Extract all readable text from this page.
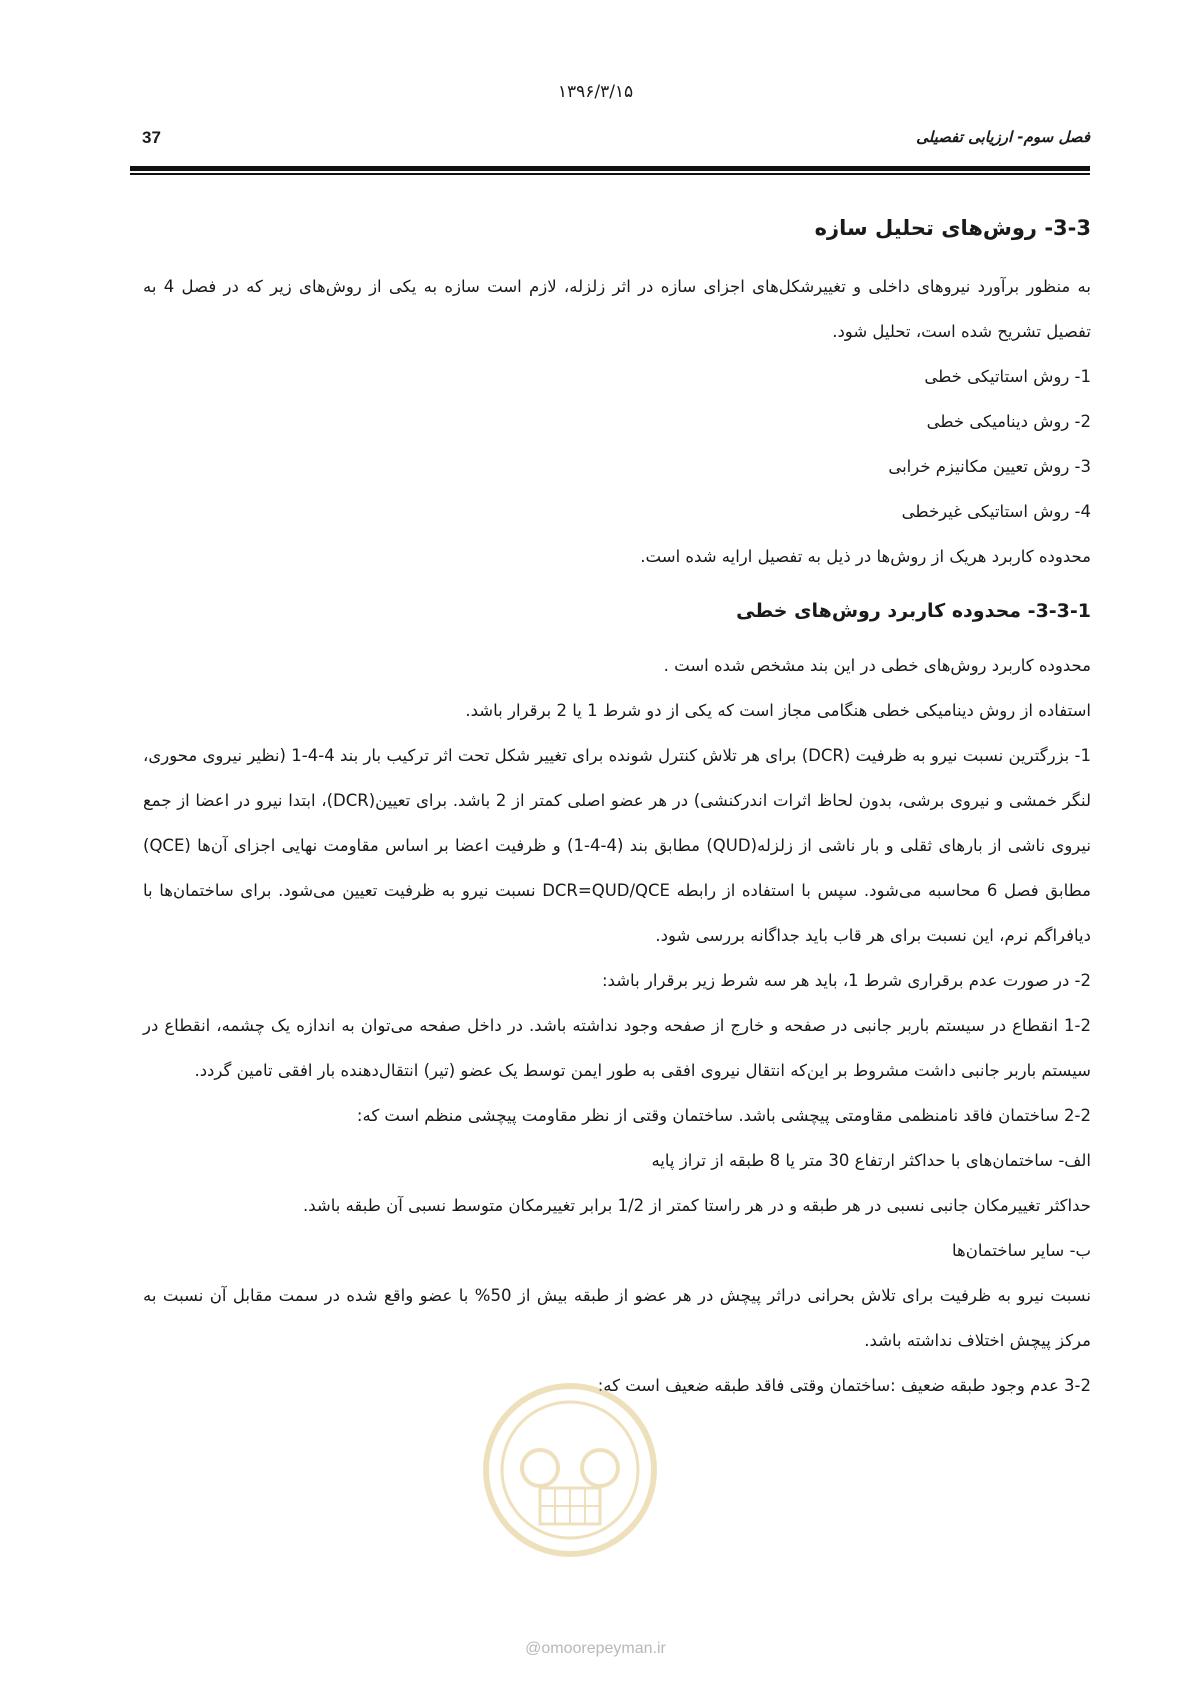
۱۳۹۶/۳/۱۵
37	فصل سوم- ارزیابی تفصیلی
3-3- روش‌های تحلیل سازه

به منظور برآورد نیروهای داخلی و تغییرشکل‌های اجزای سازه در اثر زلزله، لازم است سازه به یکی از روش‌های زیر که در فصل 4 به تفصیل تشریح شده است، تحلیل شود.

1- روش استاتیکی خطی

2- روش دینامیکی خطی

3- روش تعیین مکانیزم خرابی

4- روش استاتیکی غیرخطی

محدوده کاربرد هریک از روش‌ها در ذیل به تفصیل ارایه شده است.

3-3-1- محدوده کاربرد روش‌های خطی

محدوده کاربرد روش‌های خطی در این بند مشخص شده است .

استفاده از روش دینامیکی خطی هنگامی مجاز است که یکی از دو شرط 1 یا 2 برقرار باشد.

1- بزرگترین نسبت نیرو به ظرفیت (DCR) برای هر تلاش کنترل شونده برای تغییر شکل تحت اثر ترکیب بار بند 4-4-1 (نظیر نیروی محوری، لنگر خمشی و نیروی برشی، بدون لحاظ اثرات اندرکنشی) در هر عضو اصلی کمتر از 2 باشد. برای تعیین(DCR)، ابتدا نیرو در اعضا از جمع نیروی ناشی از بارهای ثقلی و بار ناشی از زلزله(QUD) مطابق بند (4-4-1) و ظرفیت اعضا بر اساس مقاومت نهایی اجزای آن‌ها (QCE) مطابق فصل 6 محاسبه می‌شود. سپس با استفاده از رابطه DCR=QUD/QCE نسبت نیرو به ظرفیت تعیین می‌شود. برای ساختمان‌ها با دیافراگم نرم، این نسبت برای هر قاب باید جداگانه بررسی شود.

2- در صورت عدم برقراری شرط 1، باید هر سه شرط زیر برقرار باشد:

1-2 انقطاع در سیستم باربر جانبی در صفحه و خارج از صفحه وجود نداشته باشد. در داخل صفحه می‌توان به اندازه یک چشمه، انقطاع در سیستم باربر جانبی داشت مشروط بر این‌که انتقال نیروی افقی به طور ایمن توسط یک عضو (تیر) انتقال‌دهنده بار افقی تامین گردد.

2-2 ساختمان فاقد نامنظمی مقاومتی پیچشی باشد. ساختمان وقتی از نظر مقاومت پیچشی منظم است که:

الف- ساختمان‌های با حداکثر ارتفاع 30 متر یا 8 طبقه از تراز پایه

حداکثر تغییرمکان جانبی نسبی در هر طبقه و در هر راستا کمتر از 1/2 برابر تغییرمکان متوسط نسبی آن طبقه باشد.

ب- سایر ساختمان‌ها

نسبت نیرو به ظرفیت برای تلاش بحرانی دراثر پیچش در هر عضو از طبقه بیش از 50% با عضو واقع شده در سمت مقابل آن نسبت به مرکز پیچش اختلاف نداشته باشد.

3-2 عدم وجود طبقه ضعیف :ساختمان وقتی فاقد طبقه ضعیف است که:

@omoorepeyman.ir
